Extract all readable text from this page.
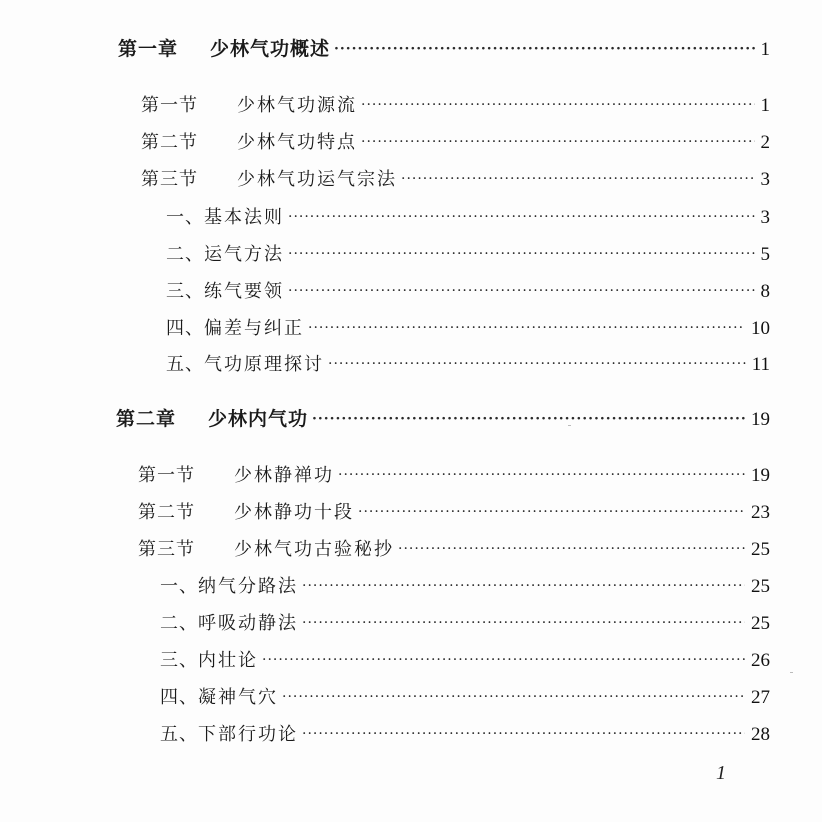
第一章	少林气功概述 ·····	1
第一节	少林气功源流 ·····	1
第二节	少林气功特点 ·····	2
第三节	少林气功运气宗法 ·····	3
一、 基本法则 ·····	3
二、 运气方法 ·····	5
三、 练气要领 ·····	8
四、 偏差与纠正 ·····	10
五、 气功原理探讨 ·····	11
第二章	少林内气功 ·····	19
第一节	少林静禅功 ·····	19
第二节	少林静功十段 ·····	23
第三节	少林气功古验秘抄 ·····	25
一、 纳气分路法 ·····	25
二、 呼吸动静法 ·····	25
三、 内壮论 ·····	26
四、 凝神气穴 ·····	27
五、 下部行功论 ·····	28
1
